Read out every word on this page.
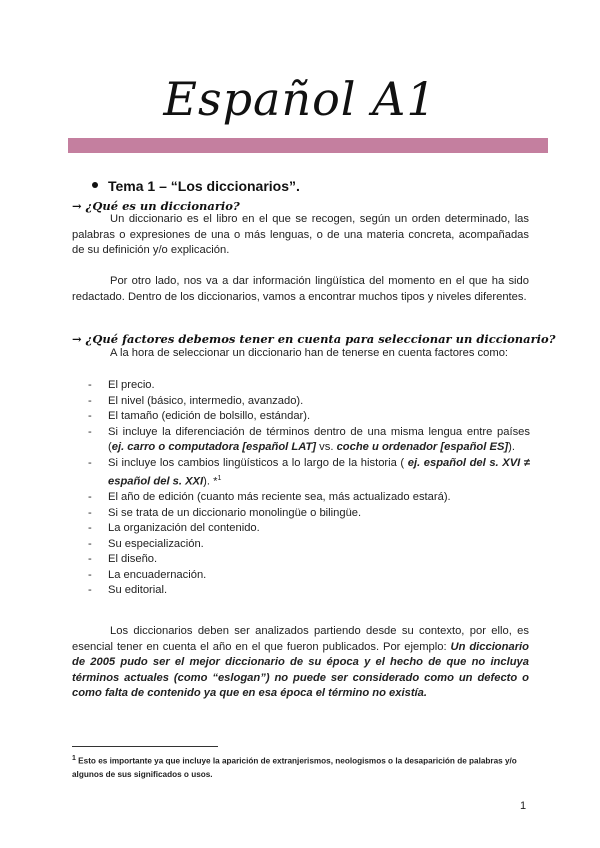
Español A1
Tema 1 – “Los diccionarios”.
→ ¿Qué es un diccionario?
Un diccionario es el libro en el que se recogen, según un orden determinado, las palabras o expresiones de una o más lenguas, o de una materia concreta, acompañadas de su definición y/o explicación.
Por otro lado, nos va a dar información lingüística del momento en el que ha sido redactado. Dentro de los diccionarios, vamos a encontrar muchos tipos y niveles diferentes.
→ ¿Qué factores debemos tener en cuenta para seleccionar un diccionario?
A la hora de seleccionar un diccionario han de tenerse en cuenta factores como:
- El precio.
- El nivel (básico, intermedio, avanzado).
- El tamaño (edición de bolsillo, estándar).
- Si incluye la diferenciación de términos dentro de una misma lengua entre países (ej. carro o computadora [español LAT] vs. coche u ordenador [español ES]).
- Si incluye los cambios lingüísticos a lo largo de la historia ( ej. español del s. XVI ≠ español del s. XXI). *$^1$
- El año de edición (cuanto más reciente sea, más actualizado estará).
- Si se trata de un diccionario monolingüe o bilingüe.
- La organización del contenido.
- Su especialización.
- El diseño.
- La encuadernación.
- Su editorial.
Los diccionarios deben ser analizados partiendo desde su contexto, por ello, es esencial tener en cuenta el año en el que fueron publicados. Por ejemplo: Un diccionario de 2005 pudo ser el mejor diccionario de su época y el hecho de que no incluya términos actuales (como “eslogan”) no puede ser considerado como un defecto o como falta de contenido ya que en esa época el término no existía.
1 Esto es importante ya que incluye la aparición de extranjerismos, neologismos o la desaparición de palabras y/o algunos de sus significados o usos.
1
